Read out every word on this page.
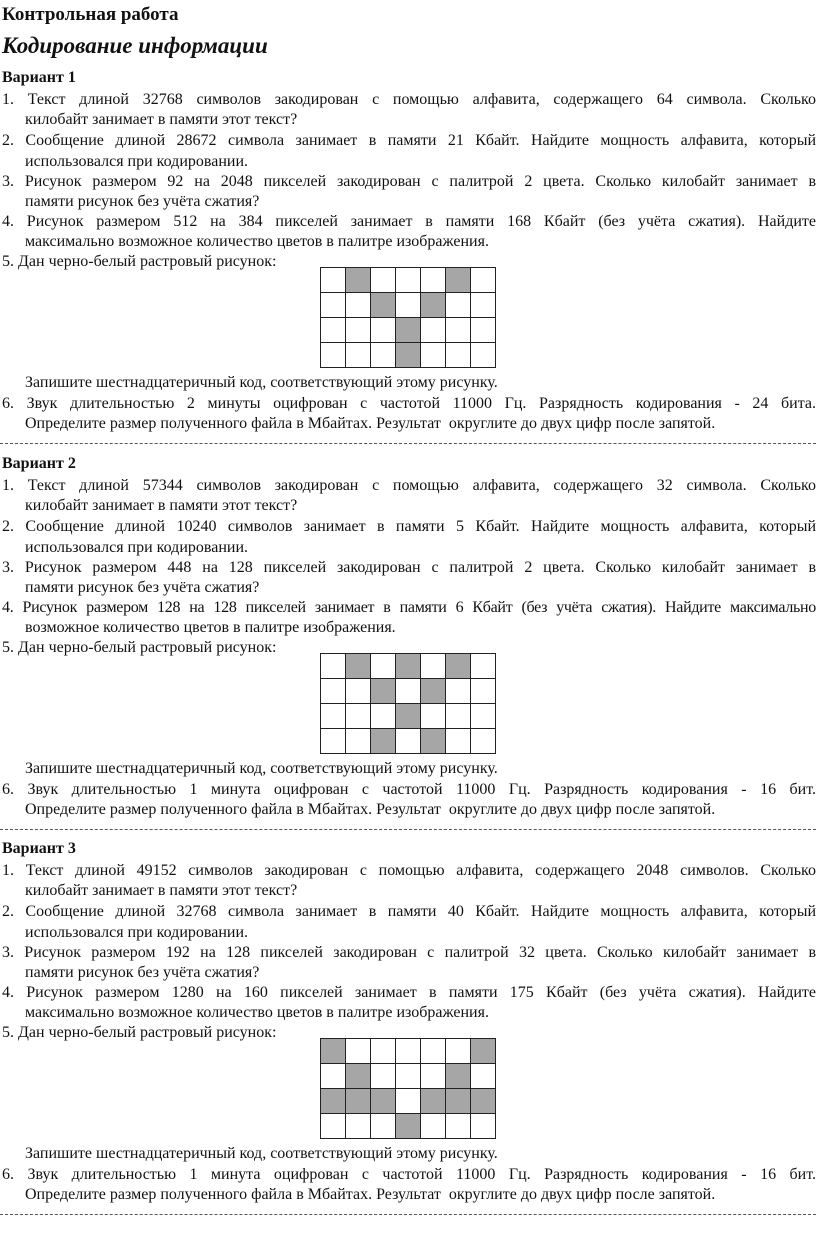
Контрольная работа
Кодирование информации
Вариант 1
1. Текст длиной 32768 символов закодирован с помощью алфавита, содержащего 64 символа. Сколько
килобайт занимает в памяти этот текст?
2. Сообщение длиной 28672 символа занимает в памяти 21 Кбайт. Найдите мощность алфавита, который
использовался при кодировании.
3. Рисунок размером 92 на 2048 пикселей закодирован с палитрой 2 цвета. Сколько килобайт занимает в
памяти рисунок без учёта сжатия?
4. Рисунок размером 512 на 384 пикселей занимает в памяти 168 Кбайт (без учёта сжатия). Найдите
максимально возможное количество цветов в палитре изображения.
5. Дан черно-белый растровый рисунок:

Запишите шестнадцатеричный код, соответствующий этому рисунку.
6. Звук длительностью 2 минуты оцифрован с частотой 11000 Гц. Разрядность кодирования - 24 бита.
Определите размер полученного файла в Мбайтах. Результат  округлите до двух цифр после запятой.
Вариант 2
1. Текст длиной 57344 символов закодирован с помощью алфавита, содержащего 32 символа. Сколько
килобайт занимает в памяти этот текст?
2. Сообщение длиной 10240 символов занимает в памяти 5 Кбайт. Найдите мощность алфавита, который
использовался при кодировании.
3. Рисунок размером 448 на 128 пикселей закодирован с палитрой 2 цвета. Сколько килобайт занимает в
памяти рисунок без учёта сжатия?
4. Рисунок размером 128 на 128 пикселей занимает в памяти 6 Кбайт (без учёта сжатия). Найдите максимально
возможное количество цветов в палитре изображения.
5. Дан черно-белый растровый рисунок:

Запишите шестнадцатеричный код, соответствующий этому рисунку.
6. Звук длительностью 1 минута оцифрован с частотой 11000 Гц. Разрядность кодирования - 16 бит.
Определите размер полученного файла в Мбайтах. Результат  округлите до двух цифр после запятой.
Вариант 3
1. Текст длиной 49152 символов закодирован с помощью алфавита, содержащего 2048 символов. Сколько
килобайт занимает в памяти этот текст?
2. Сообщение длиной 32768 символа занимает в памяти 40 Кбайт. Найдите мощность алфавита, который
использовался при кодировании.
3. Рисунок размером 192 на 128 пикселей закодирован с палитрой 32 цвета. Сколько килобайт занимает в
памяти рисунок без учёта сжатия?
4. Рисунок размером 1280 на 160 пикселей занимает в памяти 175 Кбайт (без учёта сжатия). Найдите
максимально возможное количество цветов в палитре изображения.
5. Дан черно-белый растровый рисунок:

Запишите шестнадцатеричный код, соответствующий этому рисунку.
6. Звук длительностью 1 минута оцифрован с частотой 11000 Гц. Разрядность кодирования - 16 бит.
Определите размер полученного файла в Мбайтах. Результат  округлите до двух цифр после запятой.
